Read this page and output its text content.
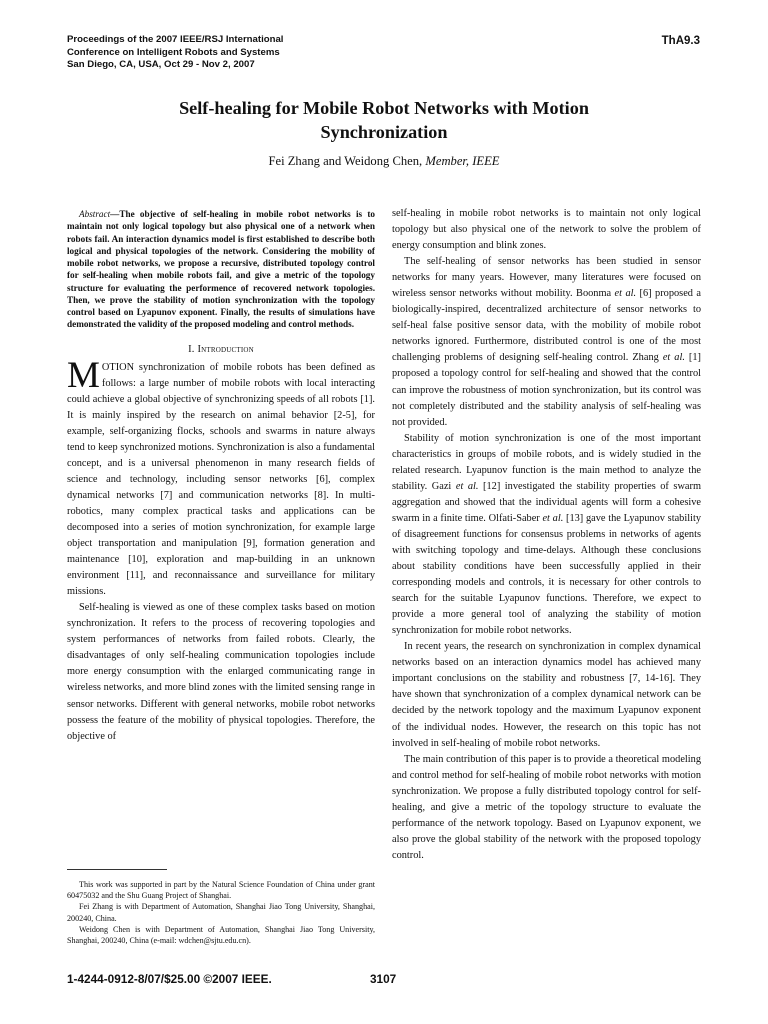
Proceedings of the 2007 IEEE/RSJ International
Conference on Intelligent Robots and Systems
San Diego, CA, USA, Oct 29 - Nov 2, 2007
ThA9.3
Self-healing for Mobile Robot Networks with Motion
Synchronization
Fei Zhang and Weidong Chen, Member, IEEE

Abstract—The objective of self-healing in mobile robot networks is to maintain not only logical topology but also physical one of a network when robots fail. An interaction dynamics model is first established to describe both logical and physical topologies of the network. Considering the mobility of mobile robot networks, we propose a recursive, distributed topology control for self-healing when mobile robots fail, and give a metric of the topology structure for evaluating the performence of recovered network topologies. Then, we prove the stability of motion synchronization with the topology control based on Lyapunov exponent. Finally, the results of simulations have demonstrated the validity of the proposed modeling and control methods.

I. Introduction

MOTION synchronization of mobile robots has been defined as follows: a large number of mobile robots with local interacting could achieve a global objective of synchronizing speeds of all robots [1]. It is mainly inspired by the research on animal behavior [2-5], for example, self-organizing flocks, schools and swarms in nature always tend to keep synchronized motions. Synchronization is also a fundamental concept, and is a universal phenomenon in many research fields of science and technology, including sensor networks [6], complex dynamical networks [7] and communication networks [8]. In multi-robotics, many complex practical tasks and applications can be decomposed into a series of motion synchronization, for example large object transportation and manipulation [9], formation generation and maintenance [10], exploration and map-building in an unknown environment [11], and reconnaissance and surveillance for military missions.

Self-healing is viewed as one of these complex tasks based on motion synchronization. It refers to the process of recovering topologies and system performances of networks from failed robots. Clearly, the disadvantages of only self-healing communication topologies include more energy consumption with the enlarged communicating range in wireless networks, and more blind zones with the limited sensing range in sensor networks. Different with general networks, mobile robot networks possess the feature of the mobility of physical topologies. Therefore, the objective of

This work was supported in part by the Natural Science Foundation of China under grant 60475032 and the Shu Guang Project of Shanghai.

Fei Zhang is with Department of Automation, Shanghai Jiao Tong University, Shanghai, 200240, China.

Weidong Chen is with Department of Automation, Shanghai Jiao Tong University, Shanghai, 200240, China (e-mail: wdchen@sjtu.edu.cn).

self-healing in mobile robot networks is to maintain not only logical topology but also physical one of the network to solve the problem of energy consumption and blink zones.

The self-healing of sensor networks has been studied in sensor networks for many years. However, many literatures were focused on wireless sensor networks without mobility. Boonma et al. [6] proposed a biologically-inspired, decentralized architecture of sensor networks to self-heal false positive sensor data, with the mobility of mobile robot networks ignored. Furthermore, distributed control is one of the most challenging problems of designing self-healing control. Zhang et al. [1] proposed a topology control for self-healing and showed that the control can improve the robustness of motion synchronization, but its control was not completely distributed and the stability analysis of self-healing was not provided.

Stability of motion synchronization is one of the most important characteristics in groups of mobile robots, and is widely studied in the related research. Lyapunov function is the main method to analyze the stability. Gazi et al. [12] investigated the stability properties of swarm aggregation and showed that the individual agents will form a cohesive swarm in a finite time. Olfati-Saber et al. [13] gave the Lyapunov stability of disagreement functions for consensus problems in networks of agents with switching topology and time-delays. Although these conclusions about stability conditions have been successfully applied in their corresponding models and controls, it is necessary for other controls to search for the suitable Lyapunov functions. Therefore, we expect to provide a more general tool of analyzing the stability of motion synchronization for mobile robot networks.

In recent years, the research on synchronization in complex dynamical networks based on an interaction dynamics model has achieved many important conclusions on the stability and robustness [7, 14-16]. They have shown that synchronization of a complex dynamical network can be decided by the network topology and the maximum Lyapunov exponent of the individual nodes. However, the research on this topic has not involved in self-healing of mobile robot networks.

The main contribution of this paper is to provide a theoretical modeling and control method for self-healing of mobile robot networks with motion synchronization. We propose a fully distributed topology control for self-healing, and give a metric of the topology structure to evaluate the performance of the network topology. Based on Lyapunov exponent, we also prove the global stability of the network with the proposed topology control.

1-4244-0912-8/07/$25.00 ©2007 IEEE.	3107
